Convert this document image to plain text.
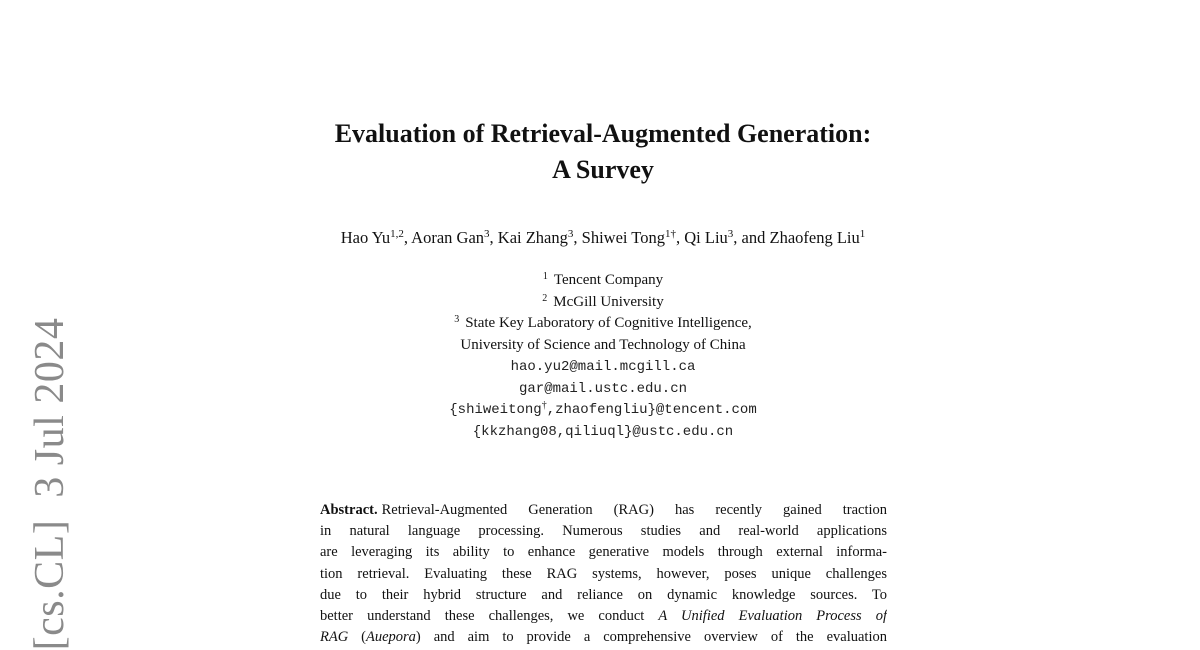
[cs.CL]3 Jul 2024
Evaluation of Retrieval-Augmented Generation:
A Survey
Hao Yu$^{1,2}$, Aoran Gan$^3$, Kai Zhang$^3$, Shiwei Tong$^{1\dagger}$, Qi Liu$^3$, and Zhaofeng Liu$^1$
$^1$ Tencent Company
$^2$ McGill University
$^3$ State Key Laboratory of Cognitive Intelligence,
University of Science and Technology of China
hao.yu2@mail.mcgill.ca
gar@mail.ustc.edu.cn
{shiweitong†,zhaofengliu}@tencent.com
{kkzhang08,qiliuql}@ustc.edu.cn
Abstract. Retrieval-Augmented Generation (RAG) has recently gained traction
in natural language processing. Numerous studies and real-world applications
are leveraging its ability to enhance generative models through external informa-
tion retrieval. Evaluating these RAG systems, however, poses unique challenges
due to their hybrid structure and reliance on dynamic knowledge sources. To
better understand these challenges, we conduct A Unified Evaluation Process of
RAG (Auepora) and aim to provide a comprehensive overview of the evaluation
